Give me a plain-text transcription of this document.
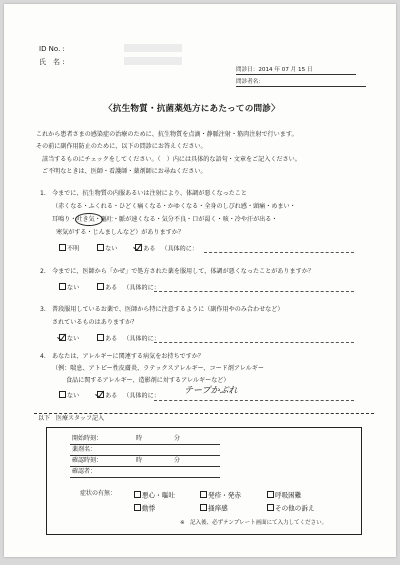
ID No. :
氏　名 :
問診日：2014 年 07 月 15 日
問診者名：
〈抗生物質・抗菌薬処方にあたっての問診〉
これから患者さまの感染症の治療のために、抗生物質を点滴・静脈注射・筋肉注射で行います。
その前に副作用防止のために、以下の問診にお答えください。
該当するものにチェックをしてください。（　）内には具体的な語句・文章をご記入ください。
ご不明なときは、医師・看護師・薬剤師にお尋ねください。
1. 今までに、抗生物質の内服あるいは注射により、体調が悪くなったこと
（赤くなる・ふくれる・ひどく痛くなる・かゆくなる・全身のしびれ感・頭痛・めまい・
耳鳴り・吐き気・嘔吐・脈が速くなる・気分不良・口が渇く・咳・冷や汗が出る・
寒気がする・じんましんなど）がありますか？
不明	ない	ある （具体的に：
2. 今までに、医師から「かぜ」で処方された薬を服用して、体調が悪くなったことがありますか？
ない	ある （具体的に：
3. 普段服用しているお薬で、医師から特に注意するように（副作用やのみ合わせなど）
されているものはありますか？
ない	ある （具体的に：
4. あなたは、アレルギーに関連する病気をお持ちですか？
（例：喘息、アトピー性皮膚炎、ラテックスアレルギー、コード剤アレルギー
食品に関するアレルギー、造影剤に対するアレルギーなど）
ない	ある （具体的に：	テープかぶれ
以下　医療スタッフ記入
開始時刻：	時	分
薬剤名：
確認時刻：	時	分
確認者：
症状の有無：	悪心・嘔吐	発疹・発赤	呼吸困難
動悸	掻痒感	その他の訴え
※　記入後、必ずテンプレート画面にて入力してください。
